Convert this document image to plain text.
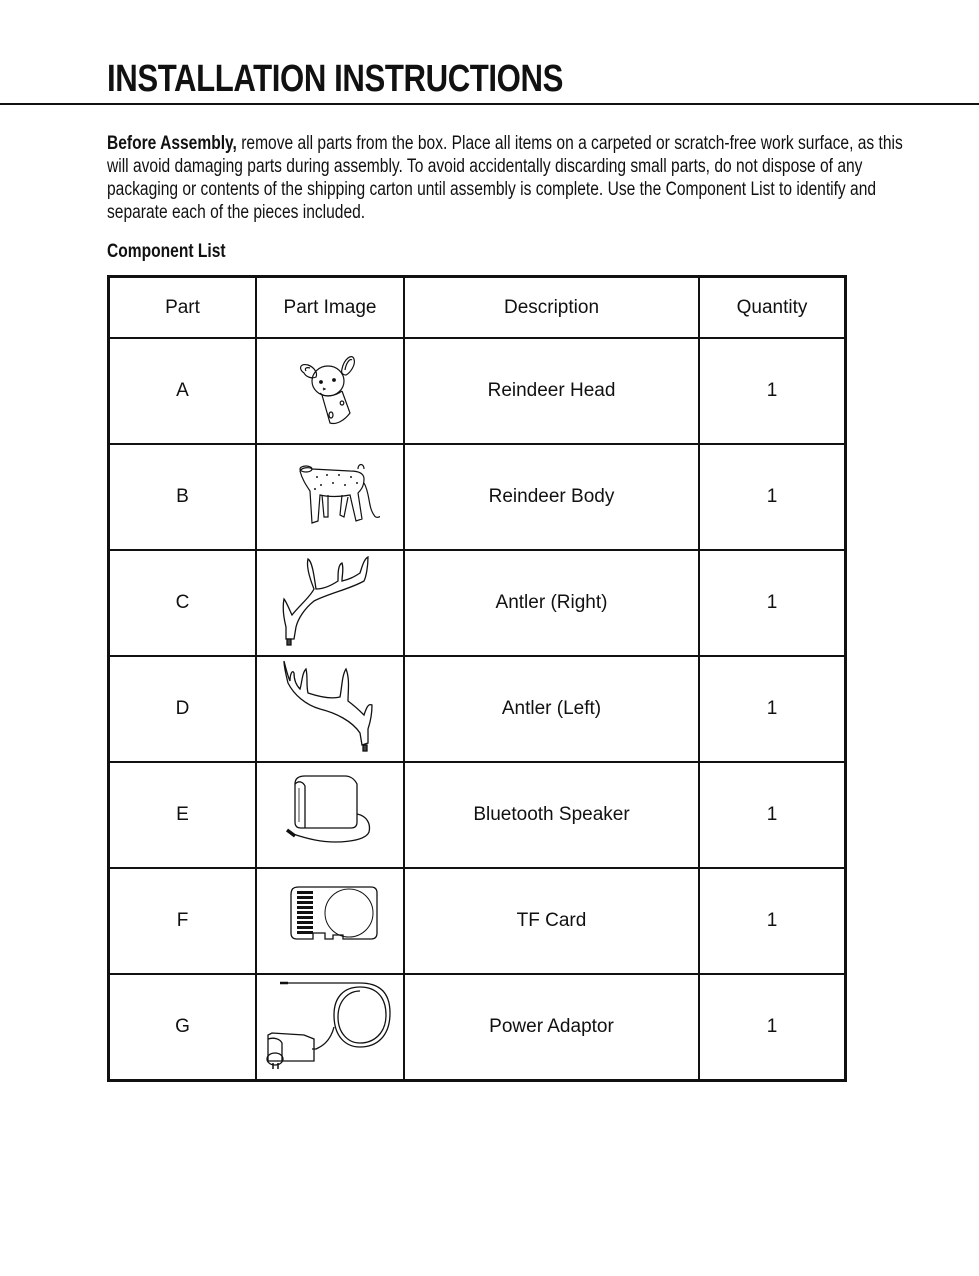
INSTALLATION INSTRUCTIONS
Before Assembly, remove all parts from the box. Place all items on a carpeted or scratch-free work surface, as this will avoid damaging parts during assembly. To avoid accidentally discarding small parts, do not dispose of any packaging or contents of the shipping carton until assembly is complete. Use the Component List to identify and separate each of the pieces included.
Component List
Part	Part Image	Description	Quantity
A		Reindeer Head	1
B		Reindeer Body	1
C		Antler (Right)	1
D		Antler (Left)	1
E		Bluetooth Speaker	1
F		TF Card	1
G		Power Adaptor	1
